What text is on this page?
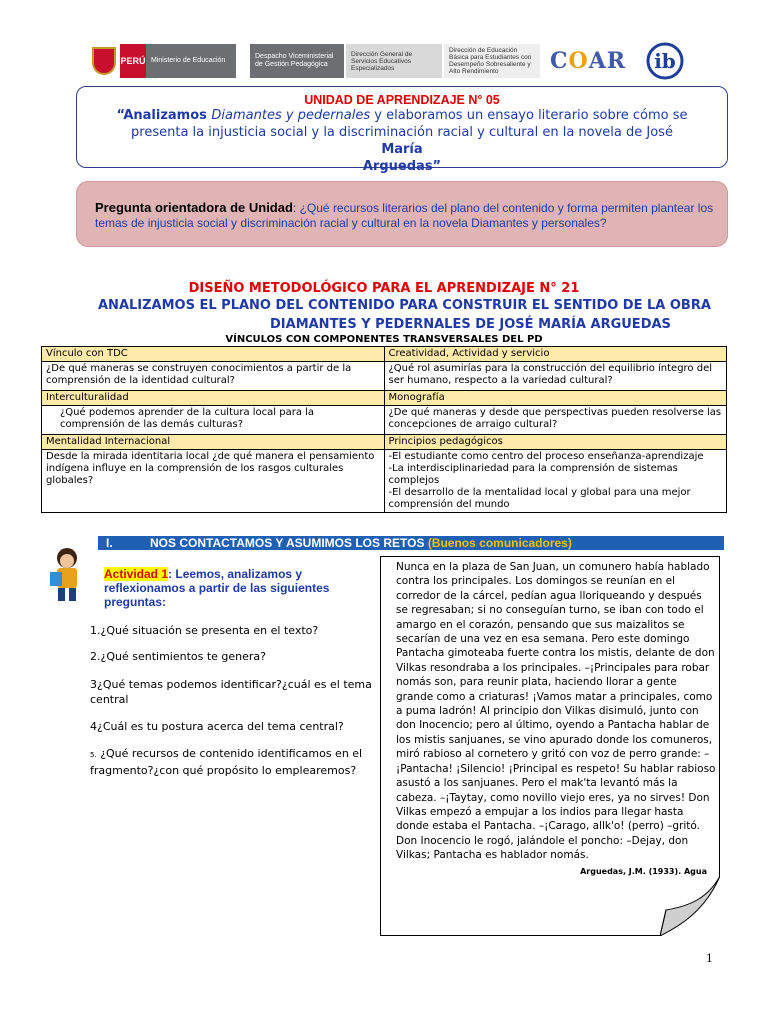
PERÚ Ministerio de Educación
Despacho Viceministerial de Gestión Pedagógica
Dirección General de Servicios Educativos Especializados
Dirección de Educación Básica para Estudiantes con Desempeño Sobresaliente y Alto Rendimiento	C O AR ib
UNIDAD DE APRENDIZAJE N° 05
“Analizamos Diamantes y pedernales y elaboramos un ensayo literario sobre cómo se presenta la injusticia social y la discriminación racial y cultural en la novela de José
María
Arguedas”
Pregunta orientadora de Unidad: ¿Qué recursos literarios del plano del contenido y forma permiten plantear los temas de injusticia social y discriminación racial y cultural en la novela Diamantes y personales?
DISEÑO METODOLÓGICO PARA EL APRENDIZAJE N° 21
ANALIZAMOS EL PLANO DEL CONTENIDO PARA CONSTRUIR EL SENTIDO DE LA OBRA
DIAMANTES Y PEDERNALES DE JOSÉ MARÍA ARGUEDAS
VÍNCULOS CON COMPONENTES TRANSVERSALES DEL PD
Vínculo con TDC	Creatividad, Actividad y servicio
¿De qué maneras se construyen conocimientos a partir de la comprensión de la identidad cultural?	¿Qué rol asumirías para la construcción del equilibrio íntegro del ser humano, respecto a la variedad cultural?
Interculturalidad	Monografía
¿Qué podemos aprender de la cultura local para la comprensión de las demás culturas?	¿De qué maneras y desde que perspectivas pueden resolverse las concepciones de arraigo cultural?
Mentalidad Internacional	Principios pedagógicos
Desde la mirada identitaria local ¿de qué manera el pensamiento indígena influye en la comprensión de los rasgos culturales globales?	-El estudiante como centro del proceso enseñanza-aprendizaje
-La interdisciplinariedad para la comprensión de sistemas complejos
-El desarrollo de la mentalidad local y global para una mejor comprensión del mundo
I.	NOS CONTACTAMOS Y ASUMIMOS LOS RETOS (Buenos comunicadores)
Actividad 1: Leemos, analizamos y reflexionamos a partir de las siguientes preguntas:
1.¿Qué situación se presenta en el texto?
2.¿Qué sentimientos te genera?
3¿Qué temas podemos identificar?¿cuál es el tema central
4¿Cuál es tu postura acerca del tema central?
5. ¿Qué recursos de contenido identificamos en el fragmento?¿con qué propósito lo emplearemos?
Nunca en la plaza de San Juan, un comunero había hablado contra los principales. Los domingos se reunían en el corredor de la cárcel, pedían agua lloriqueando y después se regresaban; si no conseguían turno, se iban con todo el amargo en el corazón, pensando que sus maizalitos se secarían de una vez en esa semana. Pero este domingo Pantacha gimoteaba fuerte contra los mistis, delante de don Vilkas resondraba a los principales. –¡Principales para robar nomás son, para reunir plata, haciendo llorar a gente grande como a criaturas! ¡Vamos matar a principales, como a puma ladrón! Al principio don Vilkas disimuló, junto con don Inocencio; pero al último, oyendo a Pantacha hablar de los mistis sanjuanes, se vino apurado donde los comuneros, miró rabioso al cornetero y gritó con voz de perro grande: –¡Pantacha! ¡Silencio! ¡Principal es respeto! Su hablar rabioso asustó a los sanjuanes. Pero el mak'ta levantó más la cabeza. –¡Taytay, como novillo viejo eres, ya no sirves! Don Vilkas empezó a empujar a los indios para llegar hasta donde estaba el Pantacha. –¡Carago, allk'o! (perro) –gritó. Don Inocencio le rogó, jalándole el poncho: –Dejay, don Vilkas; Pantacha es hablador nomás.
Arguedas, J.M. (1933). Agua
1
